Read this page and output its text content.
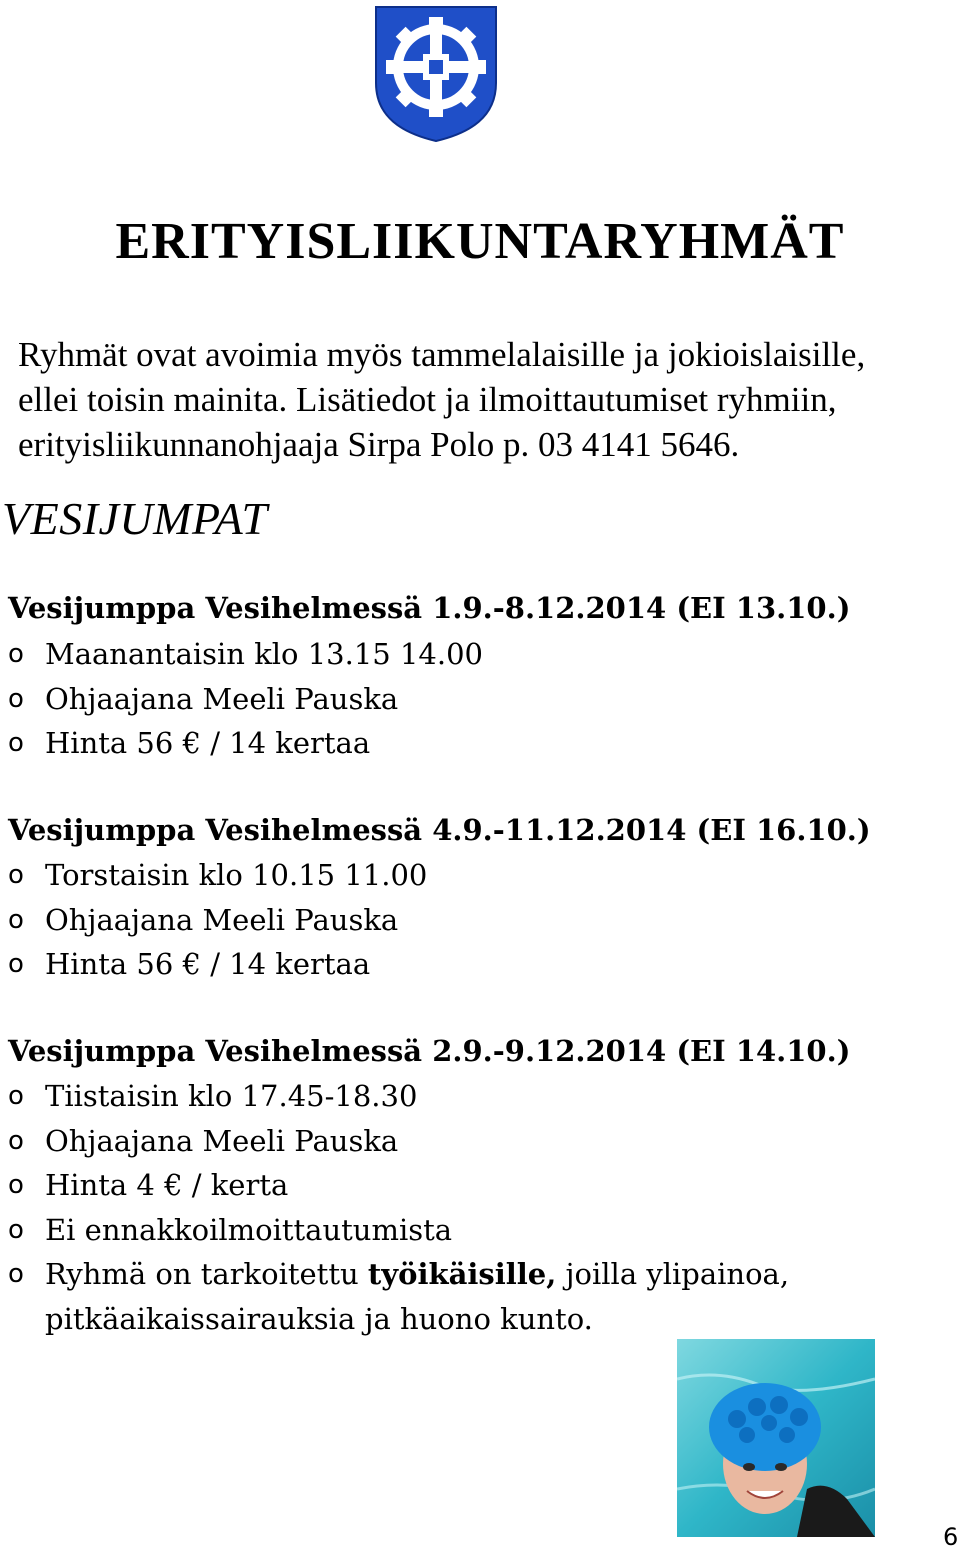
ERITYISLIIKUNTARYHMÄT
Ryhmät ovat avoimia myös tammelalaisille ja jokioislaisille,
ellei toisin mainita. Lisätiedot ja ilmoittautumiset ryhmiin,
erityisliikunnanohjaaja Sirpa Polo p. 03 4141 5646.
VESIJUMPAT
Vesijumppa Vesihelmessä 1.9.-8.12.2014 (EI 13.10.)
o Maanantaisin klo 13.15 14.00
o Ohjaajana Meeli Pauska
o Hinta 56 € / 14 kertaa
Vesijumppa Vesihelmessä 4.9.-11.12.2014 (EI 16.10.)
o Torstaisin klo 10.15 11.00
o Ohjaajana Meeli Pauska
o Hinta 56 € / 14 kertaa
Vesijumppa Vesihelmessä 2.9.-9.12.2014 (EI 14.10.)
o Tiistaisin klo 17.45-18.30
o Ohjaajana Meeli Pauska
o Hinta 4 € / kerta
o Ei ennakkoilmoittautumista
o Ryhmä on tarkoitettu työikäisille, joilla ylipainoa,
pitkäaikaissairauksia ja huono kunto.
6
